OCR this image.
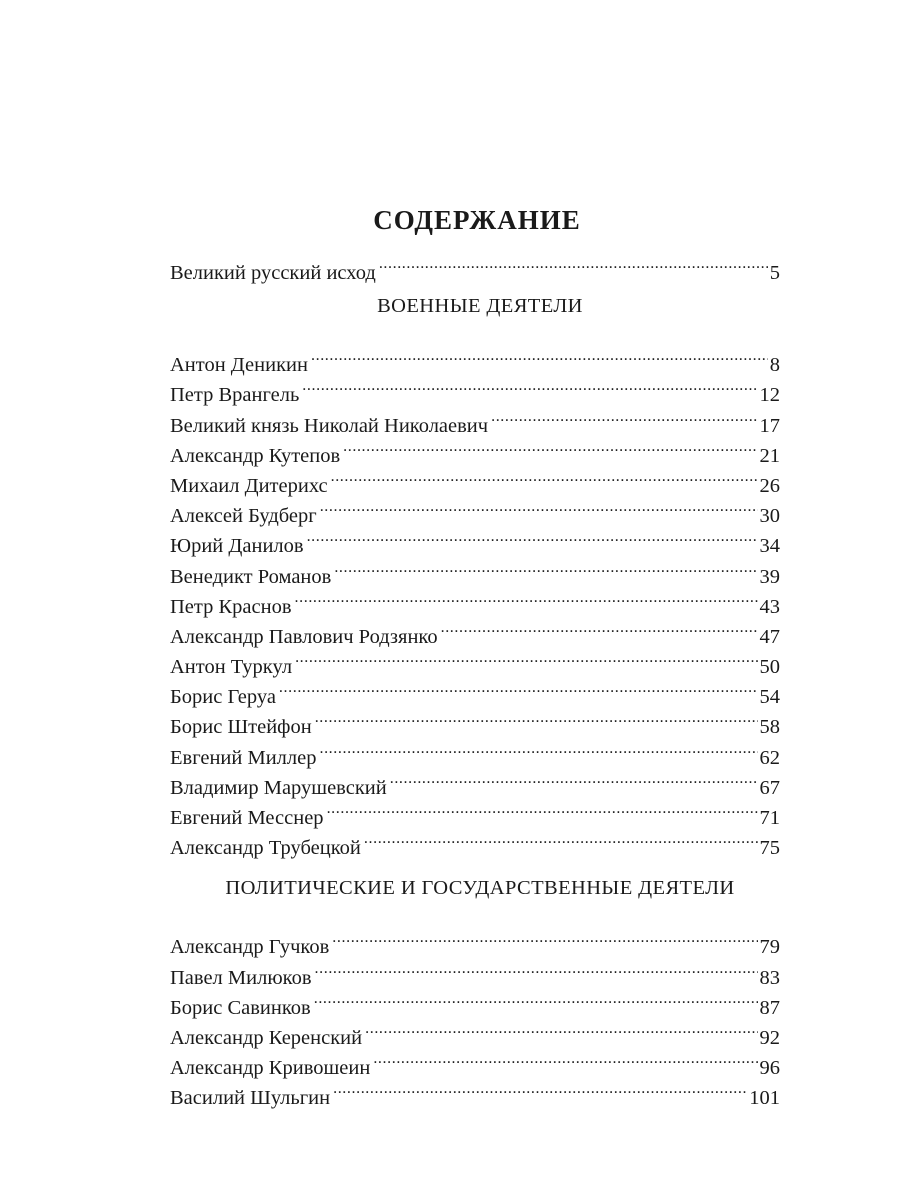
СОДЕРЖАНИЕ
Великий русский исход .....	5
ВОЕННЫЕ ДЕЯТЕЛИ
Антон Деникин .....	8
Петр Врангель .....	12
Великий князь Николай Николаевич .....	17
Александр Кутепов .....	21
Михаил Дитерихс .....	26
Алексей Будберг .....	30
Юрий Данилов .....	34
Венедикт Романов .....	39
Петр Краснов .....	43
Александр Павлович Родзянко .....	47
Антон Туркул .....	50
Борис Геруа .....	54
Борис Штейфон .....	58
Евгений Миллер .....	62
Владимир Марушевский .....	67
Евгений Месснер .....	71
Александр Трубецкой .....	75
ПОЛИТИЧЕСКИЕ И ГОСУДАРСТВЕННЫЕ ДЕЯТЕЛИ
Александр Гучков .....	79
Павел Милюков .....	83
Борис Савинков .....	87
Александр Керенский .....	92
Александр Кривошеин .....	96
Василий Шульгин .....	101
